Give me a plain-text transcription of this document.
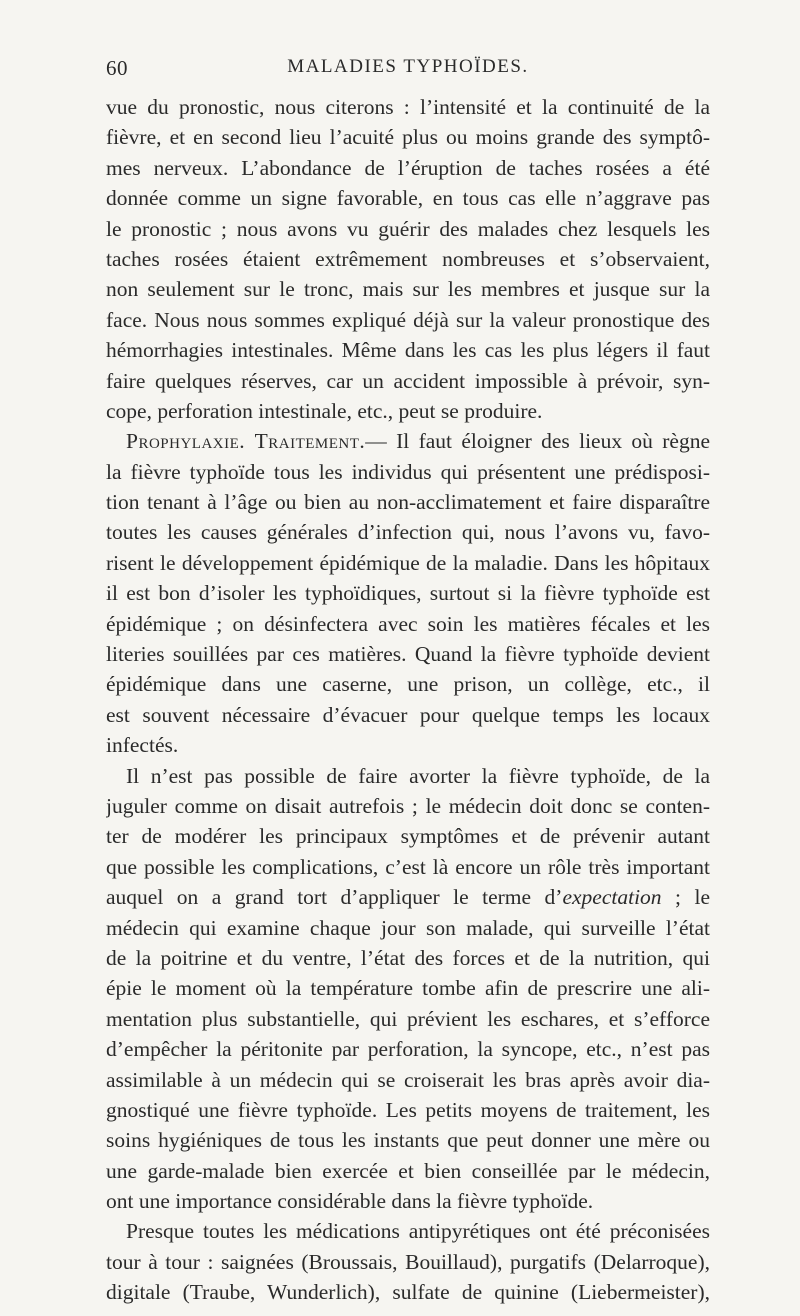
60	MALADIES TYPHOÏDES.
vue du pronostic, nous citerons : l’intensité et la continuité de la
fièvre, et en second lieu l’acuité plus ou moins grande des symptô-
mes nerveux. L’abondance de l’éruption de taches rosées a été
donnée comme un signe favorable, en tous cas elle n’aggrave pas
le pronostic ; nous avons vu guérir des malades chez lesquels les
taches rosées étaient extrêmement nombreuses et s’observaient,
non seulement sur le tronc, mais sur les membres et jusque sur la
face. Nous nous sommes expliqué déjà sur la valeur pronostique des
hémorrhagies intestinales. Même dans les cas les plus légers il faut
faire quelques réserves, car un accident impossible à prévoir, syn-
cope, perforation intestinale, etc., peut se produire.
Prophylaxie. Traitement.— Il faut éloigner des lieux où règne
la fièvre typhoïde tous les individus qui présentent une prédisposi-
tion tenant à l’âge ou bien au non-acclimatement et faire disparaître
toutes les causes générales d’infection qui, nous l’avons vu, favo-
risent le développement épidémique de la maladie. Dans les hôpitaux
il est bon d’isoler les typhoïdiques, surtout si la fièvre typhoïde est
épidémique ; on désinfectera avec soin les matières fécales et les
literies souillées par ces matières. Quand la fièvre typhoïde devient
épidémique dans une caserne, une prison, un collège, etc., il
est souvent nécessaire d’évacuer pour quelque temps les locaux
infectés.
Il n’est pas possible de faire avorter la fièvre typhoïde, de la
juguler comme on disait autrefois ; le médecin doit donc se conten-
ter de modérer les principaux symptômes et de prévenir autant
que possible les complications, c’est là encore un rôle très important
auquel on a grand tort d’appliquer le terme d’expectation ; le
médecin qui examine chaque jour son malade, qui surveille l’état
de la poitrine et du ventre, l’état des forces et de la nutrition, qui
épie le moment où la température tombe afin de prescrire une ali-
mentation plus substantielle, qui prévient les eschares, et s’efforce
d’empêcher la péritonite par perforation, la syncope, etc., n’est pas
assimilable à un médecin qui se croiserait les bras après avoir dia-
gnostiqué une fièvre typhoïde. Les petits moyens de traitement, les
soins hygiéniques de tous les instants que peut donner une mère ou
une garde-malade bien exercée et bien conseillée par le médecin,
ont une importance considérable dans la fièvre typhoïde.
Presque toutes les médications antipyrétiques ont été préconisées
tour à tour : saignées (Broussais, Bouillaud), purgatifs (Delarroque),
digitale (Traube, Wunderlich), sulfate de quinine (Liebermeister),
